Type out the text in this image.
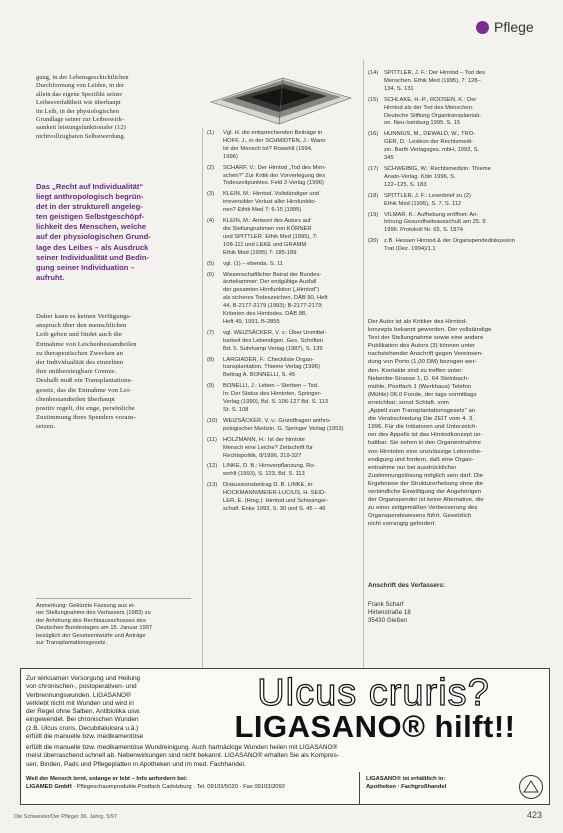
Pflege
gung, in der Lebensgeschichtlichen
Durchformung von Leiden, in der
allein das eigene Spezifikt seiner
Leibesverfaßtheit wie überhaupt
im Leib, in der physiologischen
Grundlage seiner zur Leibeswirk-
samkeit leistungsfunktionaler (12)
nichtvollzugbaren Selbstwerdung.
Das „Recht auf Individualität“
liegt anthropologisch begrün-
det in der strukturell angeleg-
ten geistigen Selbstgeschöpf-
lichkeit des Menschen, welche
auf der physiologischen Grund-
lage des Leibes – als Ausdruck
seiner Individualität und Bedin-
gung seiner Individuation –
aufruht.
Daher kann es keinen Verfügungs-
anspruch über den menschlichen
Leib geben und findet auch die
Entnahme von Leichenbestandteilen
zu therapeutischen Zwecken an
der Individualität des einzelnen
ihre unübersteigbare Grenze.
Deshalb muß ein Transplantations-
gesetz, das die Entnahme von Lei-
chenbestandteilen überhaupt
positiv regelt, die enge, persönliche
Zustimmung ihres Spenders voraus-
setzen.
Anmerkung: Gekürzte Fassung aus ei-
ner Stellungnahme des Verfassers (1983) zu
der Anhörung des Rechtsausschusses des
Deutschen Bundestages am 15. Januar 1997
bezüglich der Gesetzentwürfe und Anträge
zur Transplantationsgesetz.
(1)	Vgl. H. die entsprechenden Beiträge in
HOFF, J., in der SCHMIDTEN, J.: Wann
ist der Mensch tot? Rowohlt (1994,
1996)
(2)	SCHARF, V.: Der Hirntod „Tod des Men-
schen?“ Zur Kritik der Vorverlegung des
Todeszeitpunktes. Feld 2-Verlag (1996)
(3)	KLEIN, M.: Hirntod. Vollständiger und
irreversibler Verlust aller Hirnfunktio-
nen? Ethik Med 7: 6-15 (1995)
(4)	KLEIN, M.: Antwort des Autors auf
die Stellungnahmen von KÖRNER
und SPITTLER. Ethik Med (1995), 7:
108-111 und LEKE und GRAMM.
Ethik Med (1995) 7: 185-189
(5)	vgl. (1) – ebenda. S. 11
(6)	Wissenschaftlicher Beirat der Bundes-
ärztekammer: Der endgültige Ausfall
der gesamten Hirnfunktion („Hirntod“)
als sicheres Todeszeichen. DÄB 90, Heft
44, B-2177-2179 (1993); B-2177-2179;
Kriterien des Hirntodes. DÄB 88,
Heft 49, 1991, B-2855
(7)	vgl. WEIZSÄCKER, V. v.: Über Unmittel-
barkeit des Lebendigen. Ges. Schriften
Bd. 5. Suhrkamp Verlag (1987), S. 139
(8)	LARGIADÈR, F.: Checkliste Organ-
transplantation. Thieme Verlag (1996)
Beitrag A. BONNELLI, S. 45
(9)	BONELLI, J.: Leben – Sterben – Tod.
In: Der Status des Hirntoten, Springer-
Verlag (1990), Bd. S. 106-127 Bd. S. 113
St. S. 108
(10) WEIZSÄCKER, V. v.: Grundfragen anthro-
pologischer Medizin. G. Springer Verlag (1953)
(11)	HOLZMANN, H.: Ist der hirntote
Mensch eine Leiche? Zeitschrift für
Rechtspolitik, 8/1996, 319-327
(12) LINKE, D. B.: Hirnverpflanzung. Ro-
wohlt (1993), S. 123, Bd. S. 113
(13) Diskussionsbeitrag D. B. LINKE, in:
HOCKMANN/MEIER-LUCIUS, H. SEID-
LER, E. (Hrsg.): Hirntod und Schwanger-
schaft. Enke 1993, S. 30 und S. 45 – 46
(14) SPITTLER, J. F.: Der Hirntod – Tod des
Menschen. Ethik Med (1995), 7: 128–
134, S. 131
(15) SCHLAKE, H.-P., ROOSEN, K.: Der
Hirntod als der Tod des Menschen.
Deutsche Stiftung Organtransplantati-
on. Neu-Isenburg 1995. S. 15
(16) HUNNIUS, M., DEWALD, W., TRO-
GER, D.: Lexikon der Rechtsmedi-
zin. Barth Verlagsges. mbH, 1993, S.
345
(17) SCHWEIBIG, W.: Rechtsmedizin. Thieme
Anato-Verlag. Köln 1996, S.
122–125, S. 183
(18) SPITTLER, J. F.: Leserbrief zu (2)
Ethik Med (1995), S. 7, S. 112
(19) VILMAR, K.: Aufhebung eröffnet: An-
hörung Gesundheitsausschuß am 25. 9.
1996. Protokoll Nr. 65, S. 1874
(20) z.B. Hessen Hirntod & der Organspendediskussion
Trat (Dez. 1994)/1.1
Der Autor ist als Kritiker des Hirntod-
konzepts bekannt geworden. Der vollständige
Text der Stellungnahme sowie eine andere
Publikation des Autors (3) können unter
nachstehender Anschrift gegen Voreinsen-
dung von Porto (1,00 DM) bezogen wer-
den. Kontakte sind zu treffen unter:
Nebenbe-Strasse 1, D. 64 Steinbach-
mühle, Postfach 1 (Werkhaus) Telefon
(Mühle) 06.0 Fonde, der tags vormittags
erreichbar; sonst Schlaft. vom
„Appell zum Transplantationsgesetz“ an
die Verabschiedung Die ZEIT vom 4. 3.
1996. Für die Initiatoren und Unterzeich-
ner des Appells ist das Hirntodkonzept un-
haltbar. Sie sehen in den Organentnahme
von Hirntoten eine unzulässige Lebensbe-
endigung und fordern, daß eine Organ-
entnahme nur bei ausdrücklicher
Zustimmungslösung möglich sein darf. Die
Ergebnisse der Strukturerhebung ohne die
verbindliche Einwilligung der Angehörigen
der Organspender ist keine Alternative, die
zu einer zeitgemäßen Verbesserung des
Organspendewesens führt. Gesetzlich
nicht vorrangig gefordert.
Anschrift des Verfassers:
Frank Scharf
Hirtenstraße 18
35430 Gießen
Zur wirksamen Versorgung und Heilung
von chronischen-, postoperativen- und
Verbrennungswunden. LIGASANO®
verklebt nicht mit Wunden und wird in
der Regel ohne Salben, Antibiotika usw.
eingewendet. Bei chronischen Wunden
(z.B. Ulcus cruris, Decubitalulcera u.ä.)
erfüllt die manuelle bzw. medikamentöse
Ulcus cruris?
LIGASANO® hilft!!
erfüllt die manuelle bzw. medikamentöse Wundreinigung. Auch hartnäckige Wunden heilen mit LIGASANO®
meist überraschend schnell ab. Nebenwirkungen sind nicht bekannt. LIGASANO® erhalten Sie als Kompres-
sen, Binden, Pads und Pflegeplatten in Apotheken und im med. Fachhandel.
Weil der Mensch lernt, solange er lebt – Info anfordern bei:
LIGAMED GmbH · Pflegeschaumprodukte Postfach Cadolzburg · Tel. 09103/5020 · Fax 09103/2092
LIGASANO® ist erhältlich in:
Apotheken · Fachgroßhandel
Die Schwester/Der Pfleger 36. Jahrg. 5/97	423
